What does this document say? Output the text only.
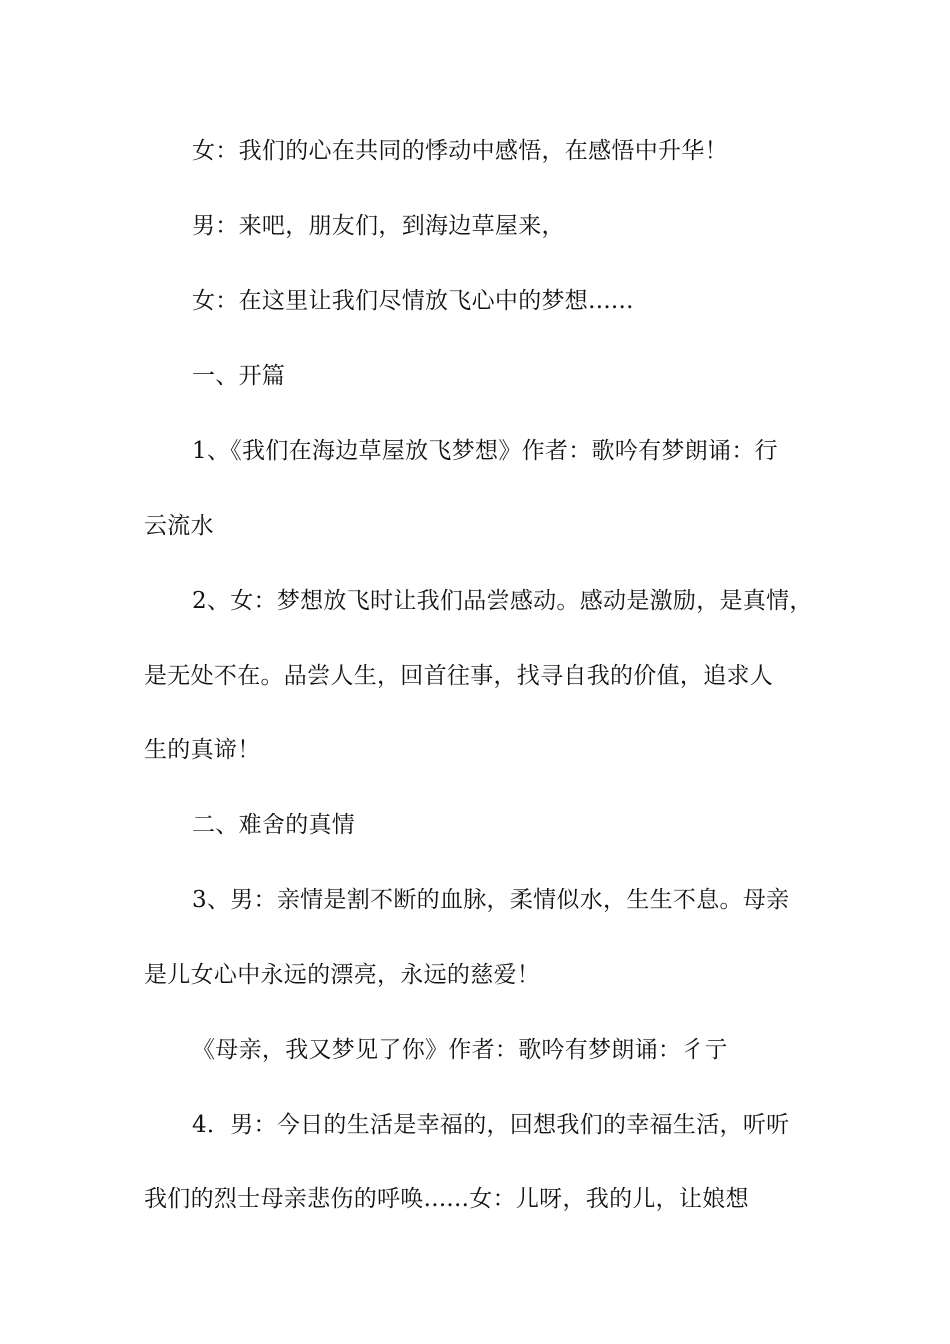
女：我们的心在共同的悸动中感悟，在感悟中升华！
男：来吧，朋友们，到海边草屋来，
女：在这里让我们尽情放飞心中的梦想......
一、开篇
1、《我们在海边草屋放飞梦想》作者：歌吟有梦朗诵：行
云流水
2、女：梦想放飞时让我们品尝感动。感动是激励，是真情，
是无处不在。品尝人生，回首往事，找寻自我的价值，追求人
生的真谛！
二、难舍的真情
3、男：亲情是割不断的血脉，柔情似水，生生不息。母亲
是儿女心中永远的漂亮，永远的慈爱！
《母亲，我又梦见了你》作者：歌吟有梦朗诵：彳亍
4．男：今日的生活是幸福的，回想我们的幸福生活，听听
我们的烈士母亲悲伤的呼唤......女：儿呀，我的儿，让娘想
